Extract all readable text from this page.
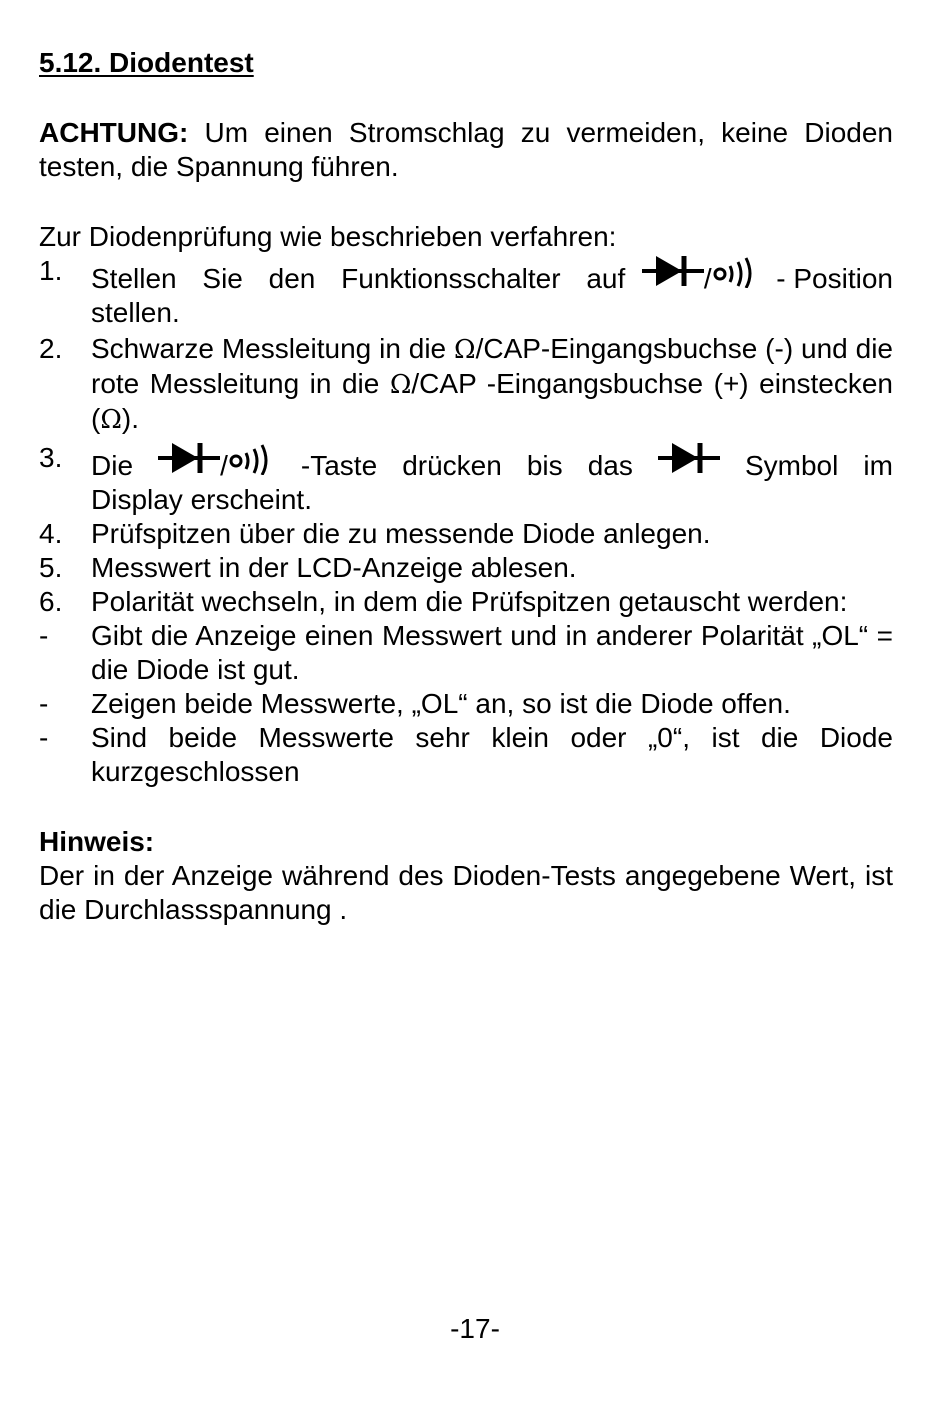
5.12. Diodentest

ACHTUNG: Um einen Stromschlag zu vermeiden, keine Dioden testen, die Spannung führen.

Zur Diodenprüfung wie beschrieben verfahren:

1.	Stellen Sie den Funktionsschalter auf	/ - Position
stellen.
2.	Schwarze Messleitung in die Ω/CAP-Eingangsbuchse (-) und die rote Messleitung in die Ω/CAP -Eingangsbuchse (+) einstecken (Ω).
3.	Die	/	-Taste drücken bis das	Symbol im
Display erscheint.
4.	Prüfspitzen über die zu messende Diode anlegen.
5.	Messwert in der LCD-Anzeige ablesen.
6.	Polarität wechseln, in dem die Prüfspitzen getauscht werden:
-	Gibt die Anzeige einen Messwert und in anderer Polarität „OL“ = die Diode ist gut.
-	Zeigen beide Messwerte, „OL“ an, so ist die Diode offen.
-	Sind beide Messwerte sehr klein oder „0“, ist die Diode kurzgeschlossen

Hinweis:

Der in der Anzeige während des Dioden-Tests angegebene Wert, ist die Durchlassspannung .

-17-
